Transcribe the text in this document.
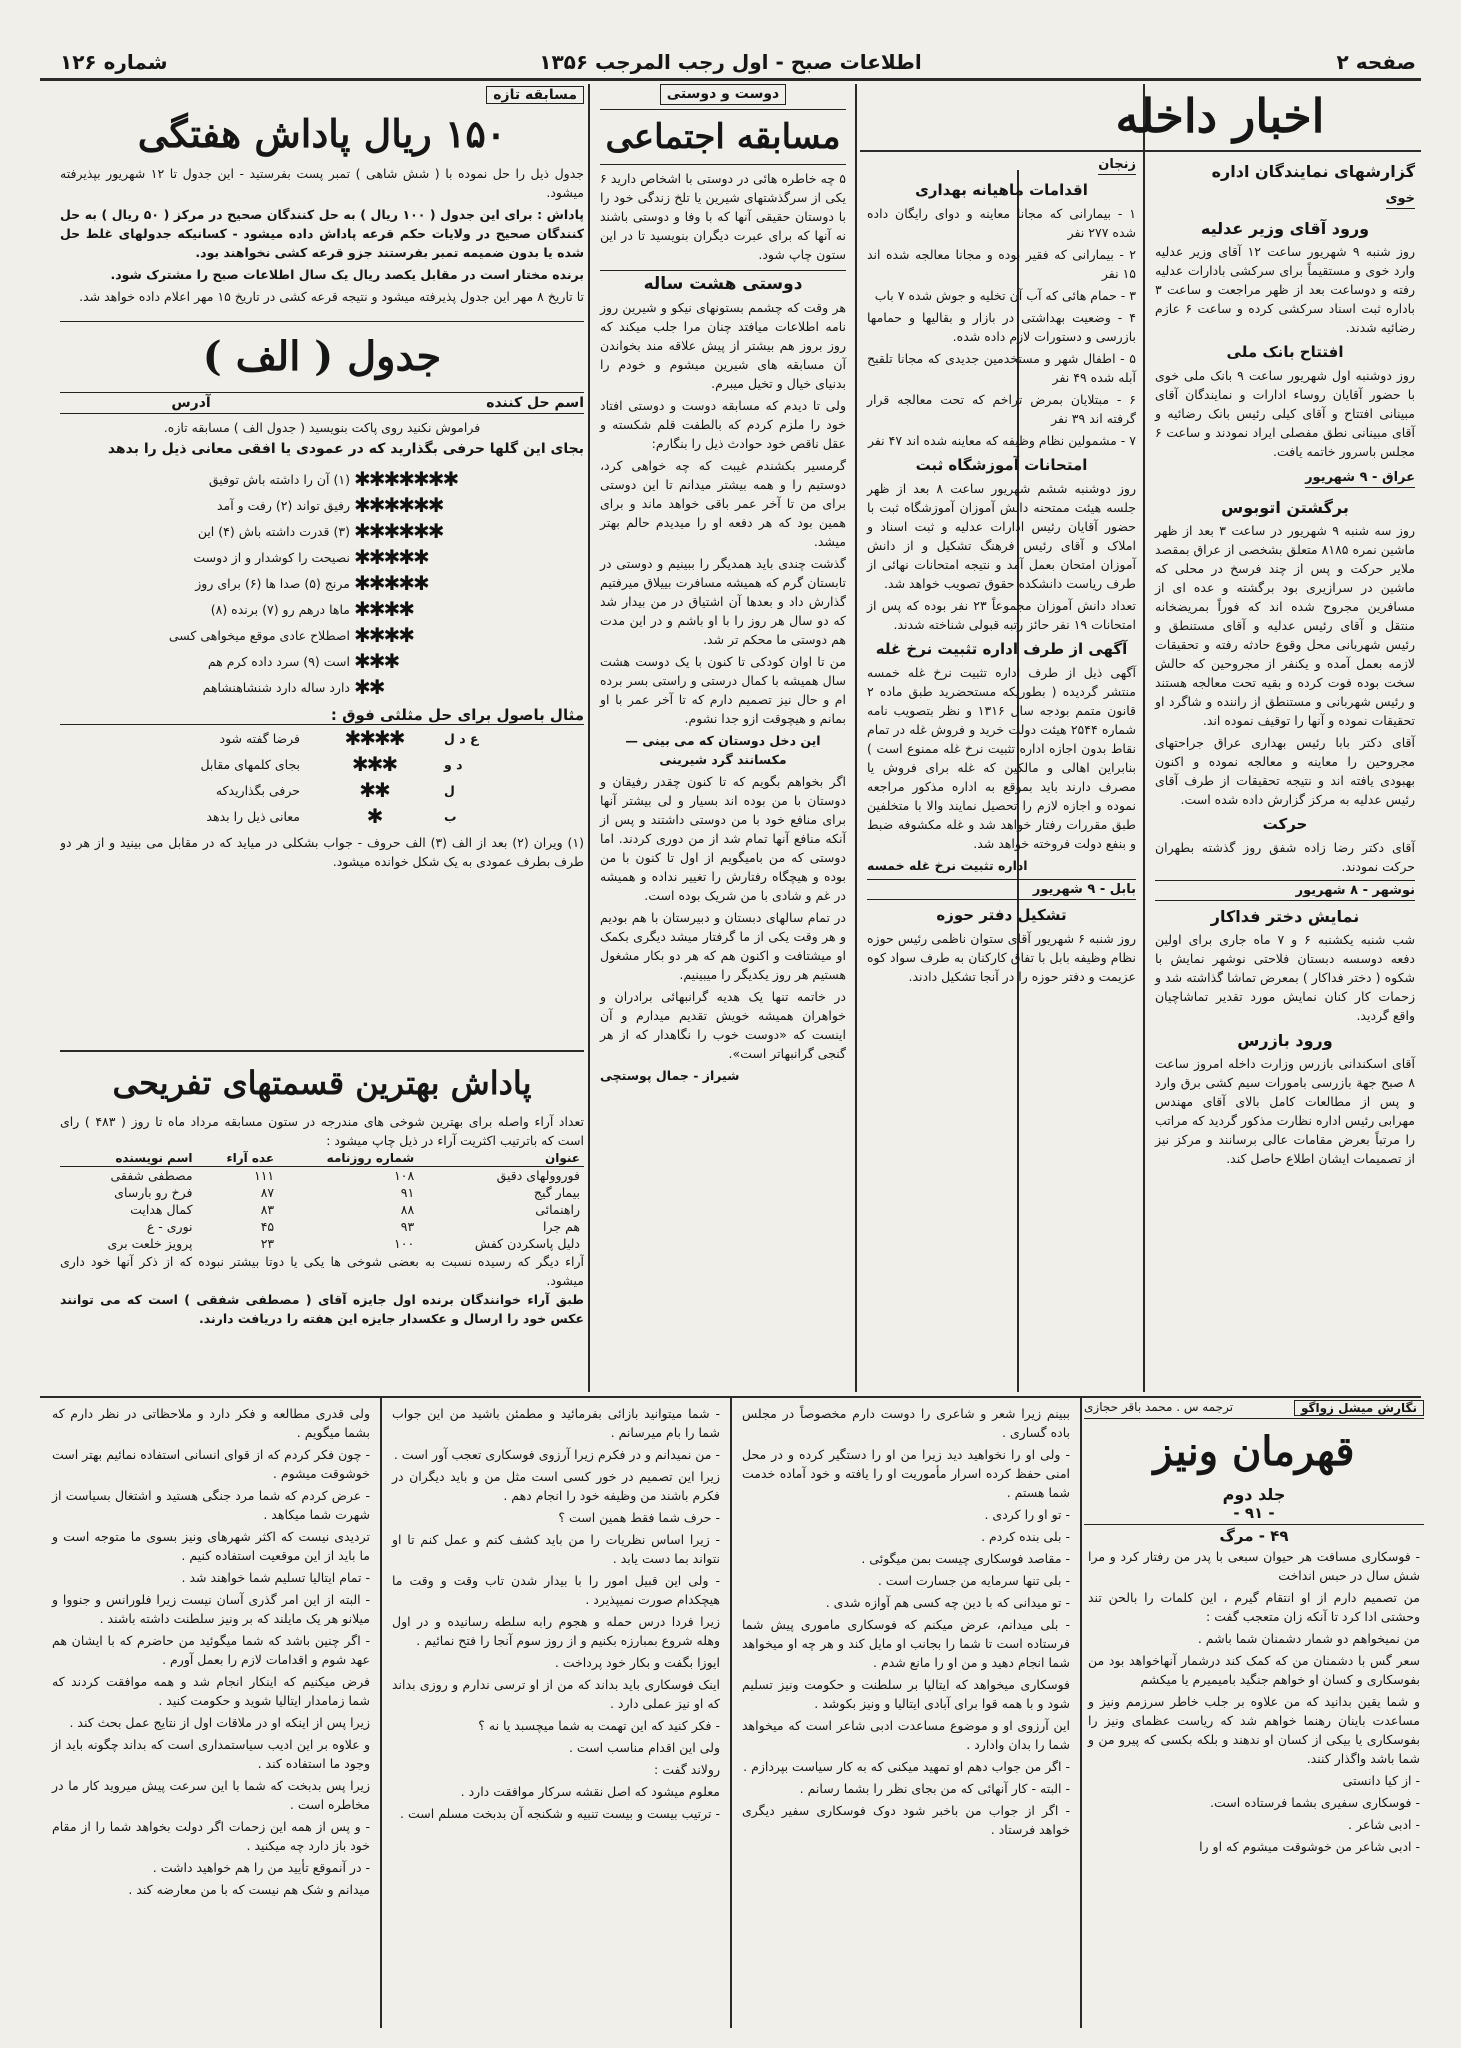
صفحه ۲
اطلاعات صبح - اول رجب المرجب ۱۳۵۶
شماره ۱۲۶
اخبار داخله
گزارشهای نمایندگان اداره
خوی
ورود آقای وزیر عدلیه

روز شنبه ۹ شهریور ساعت ۱۲ آقای وزیر عدلیه وارد خوی و مستقیماً برای سرکشی بادارات عدلیه رفته و دوساعت بعد از ظهر مراجعت و ساعت ۳ باداره ثبت اسناد سرکشی کرده و ساعت ۶ عازم رضائیه شدند.

افتتاح بانک ملی

روز دوشنبه اول شهریور ساعت ۹ بانک ملی خوی با حضور آقایان روساء ادارات و نمایندگان آقای مبینانی افتتاح و آقای کیلی رئیس بانک رضائیه و آقای مبینانی نطق مفصلی ایراد نمودند و ساعت ۶ مجلس باسرور خاتمه یافت.

عراق - ۹ شهریور
برگشتن اتوبوس

روز سه شنبه ۹ شهریور در ساعت ۳ بعد از ظهر ماشین نمره ۸۱۸۵ متعلق بشخصی از عراق بمقصد ملایر حرکت و پس از چند فرسخ در محلی که ماشین در سرازیری بود برگشته و عده ای از مسافرین مجروح شده اند که فوراً بمریضخانه منتقل و آقای رئیس عدلیه و آقای مستنطق و رئیس شهربانی محل وقوع حادثه رفته و تحقیقات لازمه بعمل آمده و یکنفر از مجروحین که حالش سخت بوده فوت کرده و بقیه تحت معالجه هستند و رئیس شهربانی و مستنطق از راننده و شاگرد او تحقیقات نموده و آنها را توقیف نموده اند.

آقای دکتر بابا رئیس بهداری عراق جراحتهای مجروحین را معاینه و معالجه نموده و اکنون بهبودی یافته اند و نتیجه تحقیقات از طرف آقای رئیس عدلیه به مرکز گزارش داده شده است.

حرکت

آقای دکتر رضا زاده شفق روز گذشته بطهران حرکت نمودند.

نوشهر - ۸ شهریور
نمایش دختر فداکار

شب شنبه یکشنبه ۶ و ۷ ماه جاری برای اولین دفعه دوسسه دبستان فلاحتی نوشهر نمایش با شکوه ( دختر فداکار ) بمعرض تماشا گذاشته شد و زحمات کار کنان نمایش مورد تقدیر تماشاچیان واقع گردید.

ورود بازرس

آقای اسکندانی بازرس وزارت داخله امروز ساعت ۸ صبح جهة بازرسی بامورات سیم کشی برق وارد و پس از مطالعات کامل بالای آقای مهندس مهرابی رئیس اداره نظارت مذکور گردید که مراتب را مرتباً بعرض مقامات عالی برسانند و مرکز نیز از تصمیمات ایشان اطلاع حاصل کند.

زنجان
اقدامات ماهیانه بهداری

۱ - بیمارانی که مجانا معاینه و دوای رایگان داده شده ۲۷۷ نفر

۲ - بیمارانی که فقیر بوده و مجانا معالجه شده اند ۱۵ نفر

۳ - حمام هائی که آب آن تخلیه و جوش شده ۷ باب

۴ - وضعیت بهداشتی در بازار و بقالیها و حمامها بازرسی و دستورات لازم داده شده.

۵ - اطفال شهر و مستخدمین جدیدی که مجانا تلقیح آبله شده ۴۹ نفر

۶ - مبتلایان بمرض تراخم که تحت معالجه قرار گرفته اند ۳۹ نفر

۷ - مشمولین نظام وظیفه که معاینه شده اند ۴۷ نفر

امتحانات آموزشگاه ثبت

روز دوشنبه ششم شهریور ساعت ۸ بعد از ظهر جلسه هیئت ممتحنه دانش آموزان آموزشگاه ثبت با حضور آقایان رئیس ادارات عدلیه و ثبت اسناد و املاک و آقای رئیس فرهنگ تشکیل و از دانش آموزان امتحان بعمل آمد و نتیجه امتحانات نهائی از طرف ریاست دانشکده حقوق تصویب خواهد شد.

تعداد دانش آموزان مجموعاً ۲۳ نفر بوده که پس از امتحانات ۱۹ نفر حائز رتبه قبولی شناخته شدند.

آگهی از طرف اداره تثبیت نرخ غله

آگهی ذیل از طرف اداره تثبیت نرخ غله خمسه منتشر گردیده ( بطوریکه مستحضرید طبق ماده ۲ قانون متمم بودجه سال ۱۳۱۶ و نظر بتصویب نامه شماره ۲۵۴۴ هیئت دولت خرید و فروش غله در تمام نقاط بدون اجازه اداره تثبیت نرخ غله ممنوع است ) بنابراین اهالی و مالکین که غله برای فروش یا مصرف دارند باید بموقع به اداره مذکور مراجعه نموده و اجازه لازم را تحصیل نمایند والا با متخلفین طبق مقررات رفتار خواهد شد و غله مکشوفه ضبط و بنفع دولت فروخته خواهد شد.

اداره تثبیت نرخ غله خمسه

بابل - ۹ شهریور
تشکیل دفتر حوزه

روز شنبه ۶ شهریور آقای ستوان ناظمی رئیس حوزه نظام وظیفه بابل با تفاق کارکنان به طرف سواد کوه عزیمت و دفتر حوزه را در آنجا تشکیل دادند.

دوست و دوستی
مسابقه اجتماعی

۵ چه خاطره هائی در دوستی با اشخاص دارید ۶ یکی از سرگذشتهای شیرین یا تلخ زندگی خود را با دوستان حقیقی آنها که با وفا و دوستی باشند نه آنها که برای عبرت دیگران بنویسید تا در این ستون چاپ شود.

دوستی هشت ساله

هر وقت که چشمم بستونهای نیکو و شیرین روز نامه اطلاعات میافتد چنان مرا جلب میکند که روز بروز هم بیشتر از پیش علاقه مند بخواندن آن مسابقه های شیرین میشوم و خودم را بدنیای خیال و تخیل میبرم.

ولی تا دیدم که مسابقه دوست و دوستی افتاد خود را ملزم کردم که بالطفت قلم شکسته و عقل ناقص خود حوادث ذیل را بنگارم:

گرمسیر بکشندم غیبت که چه خواهی کرد، دوستیم را و همه بیشتر میدانم تا این دوستی برای من تا آخر عمر باقی خواهد ماند و برای همین بود که هر دفعه او را میدیدم حالم بهتر میشد.

گذشت چندی باید همدیگر را ببینیم و دوستی در تابستان گرم که همیشه مسافرت بییلاق میرفتیم گذارش داد و بعدها آن اشتیاق در من بیدار شد که دو سال هر روز را با او باشم و در این مدت هم دوستی ما محکم تر شد.

من تا اوان کودکی تا کنون با یک دوست هشت سال همیشه با کمال درستی و راستی بسر برده ام و حال نیز تصمیم دارم که تا آخر عمر با او بمانم و هیچوقت ازو جدا نشوم.

این دخل دوستان که می بینی — مکسانند گرد شیرینی

اگر بخواهم بگویم که تا کنون چقدر رفیقان و دوستان با من بوده اند بسیار و لی بیشتر آنها برای منافع خود با من دوستی داشتند و پس از آنکه منافع آنها تمام شد از من دوری کردند. اما دوستی که من بامیگویم از اول تا کنون با من بوده و هیچگاه رفتارش را تغییر نداده و همیشه در غم و شادی با من شریک بوده است.

در تمام سالهای دبستان و دبیرستان با هم بودیم و هر وقت یکی از ما گرفتار میشد دیگری بکمک او میشتافت و اکنون هم که هر دو بکار مشغول هستیم هر روز یکدیگر را میبینیم.

در خاتمه تنها یک هدیه گرانبهائی برادران و خواهران همیشه خویش تقدیم میدارم و آن اینست که «دوست خوب را نگاهدار که از هر گنجی گرانبهاتر است».

شیراز - جمال پوستچی

مسابقه تازه
۱۵۰ ریال پاداش هفتگی

جدول ذیل را حل نموده با ( شش شاهی ) تمبر پست بفرستید - این جدول تا ۱۲ شهریور بپذیرفته میشود.

پاداش : برای این جدول ( ۱۰۰ ریال ) به حل کنندگان صحیح در مرکز ( ۵۰ ریال ) به حل کنندگان صحیح در ولایات حکم قرعه پاداش داده میشود - کسانیکه جدولهای غلط حل شده یا بدون ضمیمه تمبر بفرستند جزو قرعه کشی نخواهند بود.

برنده مختار است در مقابل یکصد ریال یک سال اطلاعات صبح را مشترک شود.

تا تاریخ ۸ مهر این جدول پذیرفته میشود و نتیجه قرعه کشی در تاریخ ۱۵ مهر اعلام داده خواهد شد.

جدول ( الف )
اسم حل کننده
آدرس

فراموش نکنید روی پاکت بنویسید ( جدول الف ) مسابقه تازه.

بجای این گلها حرفی بگذارید که در عمودی یا افقی معانی ذیل را بدهد

(۱) آن را داشته باش توفیق ✱✱✱✱✱✱✱
رفیق تواند (۲) رفت و آمد ✱✱✱✱✱✱
(۳) قدرت داشته باش (۴) این ✱✱✱✱✱✱
نصیحت را کوشدار و از دوست ✱✱✱✱✱
مرنج (۵) صدا ها (۶) برای روز ✱✱✱✱✱
ماها درهم رو (۷) برنده (۸) ✱✱✱✱
اصطلاح عادی موقع میخواهی کسی ✱✱✱✱
است (۹) سرد داده کرم هم ✱✱✱
دارد ساله دارد شنشاهنشاهم ✱✱
مثال باصول برای حل مثلثی فوق :
فرضا گفته شود	✱✱✱✱	ع د ل
بجای کلمهای مقابل	✱✱✱	د و
حرفی بگذاریدکه	✱✱	ل
معانی ذیل را بدهد	✱	ب
(۱) ویران (۲) بعد از الف (۳) الف حروف - جواب بشکلی در میاید که در مقابل می بینید و از هر دو طرف بطرف عمودی به یک شکل خوانده میشود.
پاداش بهترین قسمتهای تفریحی
تعداد آراء واصله برای بهترین شوخی های مندرجه در ستون مسابقه مرداد ماه تا روز ( ۴۸۳ ) رای است که باترتیب اکثریت آراء در ذیل چاپ میشود :
عنوان	شماره روزنامه	عده آراء	اسم نویسنده
فوروولهای دقیق	۱۰۸	۱۱۱	مصطفی شفقی
بیمار گیج	۹۱	۸۷	فرخ رو بارسای
راهنمائی	۸۸	۸۳	کمال هدایت
هم جرا	۹۳	۴۵	نوری - ع
دلیل پاسکردن کفش	۱۰۰	۲۳	پرویز خلعت بری
آراء دیگر که رسیده نسبت به بعضی شوخی ها یکی یا دوتا بیشتر نبوده که از ذکر آنها خود داری میشود.
طبق آراء خوانندگان برنده اول جایزه آقای ( مصطفی شفقی ) است که می توانند عکس خود را ارسال و عکسدار جایزه این هفته را دریافت دارند.
نگارش میشل زواگو
ترجمه س . محمد باقر حجازی
قهرمان ونیز
جلد دوم
- ۹۱ -
۴۹ - مرگ

- فوسکاری مسافت هر حیوان سبعی با پدر من رفتار کرد و مرا شش سال در حبس انداخت

من تصمیم دارم از او انتقام گیرم ، این کلمات را بالحن تند وحشتی ادا کرد تا آنکه زان متعجب گفت :

من نمیخواهم دو شمار دشمنان شما باشم .

سعر گس با دشمنان من که کمک کند درشمار آنهاخواهد بود من بفوسکاری و کسان او خواهم جنگید بامیمیرم یا میکشم

و شما یقین بدانید که من علاوه بر جلب خاطر سرزمم ونیز و مساعدت باینان رهنما خواهم شد که ریاست عظمای ونیز را بفوسکاری یا بیکی از کسان او ندهند و بلکه بکسی که پیرو من و شما باشد واگذار کنند.

- از کیا دانستی

- فوسکاری سفیری بشما فرستاده است.

- ادبی شاعر .

- ادبی شاعر من خوشوقت میشوم که او را

ببینم زیرا شعر و شاعری را دوست دارم مخصوصاً در مجلس باده گساری .

- ولی او را نخواهید دید زیرا من او را دستگیر کرده و در محل امنی حفظ کرده اسرار مأموریت او را یافته و خود آماده خدمت شما هستم .

- تو او را کردی .

- بلی بنده کردم .

- مقاصد فوسکاری چیست بمن میگوئی .

- بلی تنها سرمایه من جسارت است .

- تو میدانی که با دین چه کسی هم آوازه شدی .

- بلی میدانم، عرض میکنم که فوسکاری ماموری پیش شما فرستاده است تا شما را بجانب او مایل کند و هر چه او میخواهد شما انجام دهید و من او را مانع شدم .

فوسکاری میخواهد که ایتالیا بر سلطنت و حکومت ونیز تسلیم شود و با همه قوا برای آبادی ایتالیا و ونیز بکوشد .

این آرزوی او و موضوع مساعدت ادبی شاعر است که میخواهد شما را بدان وادارد .

- اگر من جواب دهم او تمهید میکنی که به کار سیاست بپردازم .

- البته - کار آنهائی که من بجای نظر را بشما رسانم .

- اگر از جواب من باخبر شود دوک فوسکاری سفیر دیگری خواهد فرستاد .

- شما میتوانید بازائی بفرمائید و مطمئن باشید من این جواب شما را بام میرسانم .

- من نمیدانم و در فکرم زیرا آرزوی فوسکاری تعجب آور است .

زیرا این تصمیم در خور کسی است مثل من و باید دیگران در فکرم باشند من وظیفه خود را انجام دهم .

- حرف شما فقط همین است ؟

- زیرا اساس نظریات را من باید کشف کنم و عمل کنم تا او نتواند بما دست یابد .

- ولی این قبیل امور را با بیدار شدن تاب وقت و وقت ما هیچکدام صورت نمیپذیرد .

زیرا فردا درس حمله و هجوم رابه سلطه رسانیده و در اول وهله شروع بمبارزه بکنیم و از روز سوم آنجا را فتح نمائیم .

ایوزا بگفت و بکار خود پرداخت .

اینک فوسکاری باید بداند که من از او ترسی ندارم و روزی بداند که او نیز عملی دارد .

- فکر کنید که این تهمت به شما میچسبد یا نه ؟

ولی این اقدام مناسب است .

رولاند گفت :

معلوم میشود که اصل نقشه سرکار موافقت دارد .

- ترتیب بیست و بیست تنبیه و شکنجه آن بدبخت مسلم است .

ولی قدری مطالعه و فکر دارد و ملاحظاتی در نظر دارم که بشما میگویم .

- چون فکر کردم که از قوای انسانی استفاده نمائیم بهتر است خوشوقت میشوم .

- عرض کردم که شما مرد جنگی هستید و اشتغال بسیاست از شهرت شما میکاهد .

تردیدی نیست که اکثر شهرهای ونیز بسوی ما متوجه است و ما باید از این موقعیت استفاده کنیم .

- تمام ایتالیا تسلیم شما خواهند شد .

- البته از این امر گذری آسان نیست زیرا فلورانس و جنووا و میلانو هر یک مایلند که بر ونیز سلطنت داشته باشند .

- اگر چنین باشد که شما میگوئید من حاضرم که با ایشان هم عهد شوم و اقدامات لازم را بعمل آورم .

فرض میکنیم که اینکار انجام شد و همه موافقت کردند که شما زمامدار ایتالیا شوید و حکومت کنید .

زیرا پس از اینکه او در ملاقات اول از نتایج عمل بحث کند .

و علاوه بر این ادیب سیاستمداری است که بداند چگونه باید از وجود ما استفاده کند .

زیرا پس بدبخت که شما با این سرعت پیش میروید کار ما در مخاطره است .

- و پس از همه این زحمات اگر دولت بخواهد شما را از مقام خود باز دارد چه میکنید .

- در آنموقع تأیید من را هم خواهید داشت .

میدانم و شک هم نیست که با من معارضه کند .
